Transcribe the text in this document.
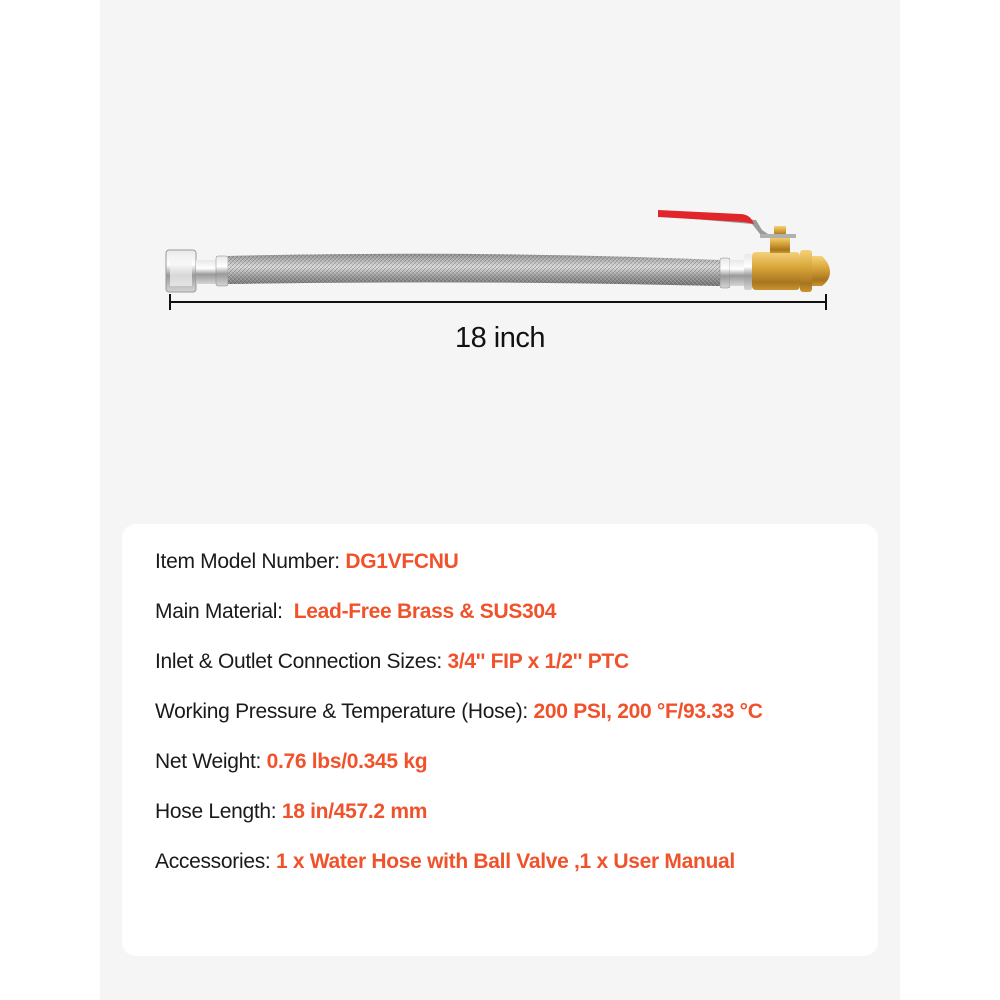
18 inch
Item Model Number: DG1VFCNU
Main Material:  Lead-Free Brass & SUS304
Inlet & Outlet Connection Sizes: 3/4'' FIP x 1/2'' PTC
Working Pressure & Temperature (Hose): 200 PSI, 200 °F/93.33 °C
Net Weight: 0.76 lbs/0.345 kg
Hose Length: 18 in/457.2 mm
Accessories: 1 x Water Hose with Ball Valve ,1 x User Manual
